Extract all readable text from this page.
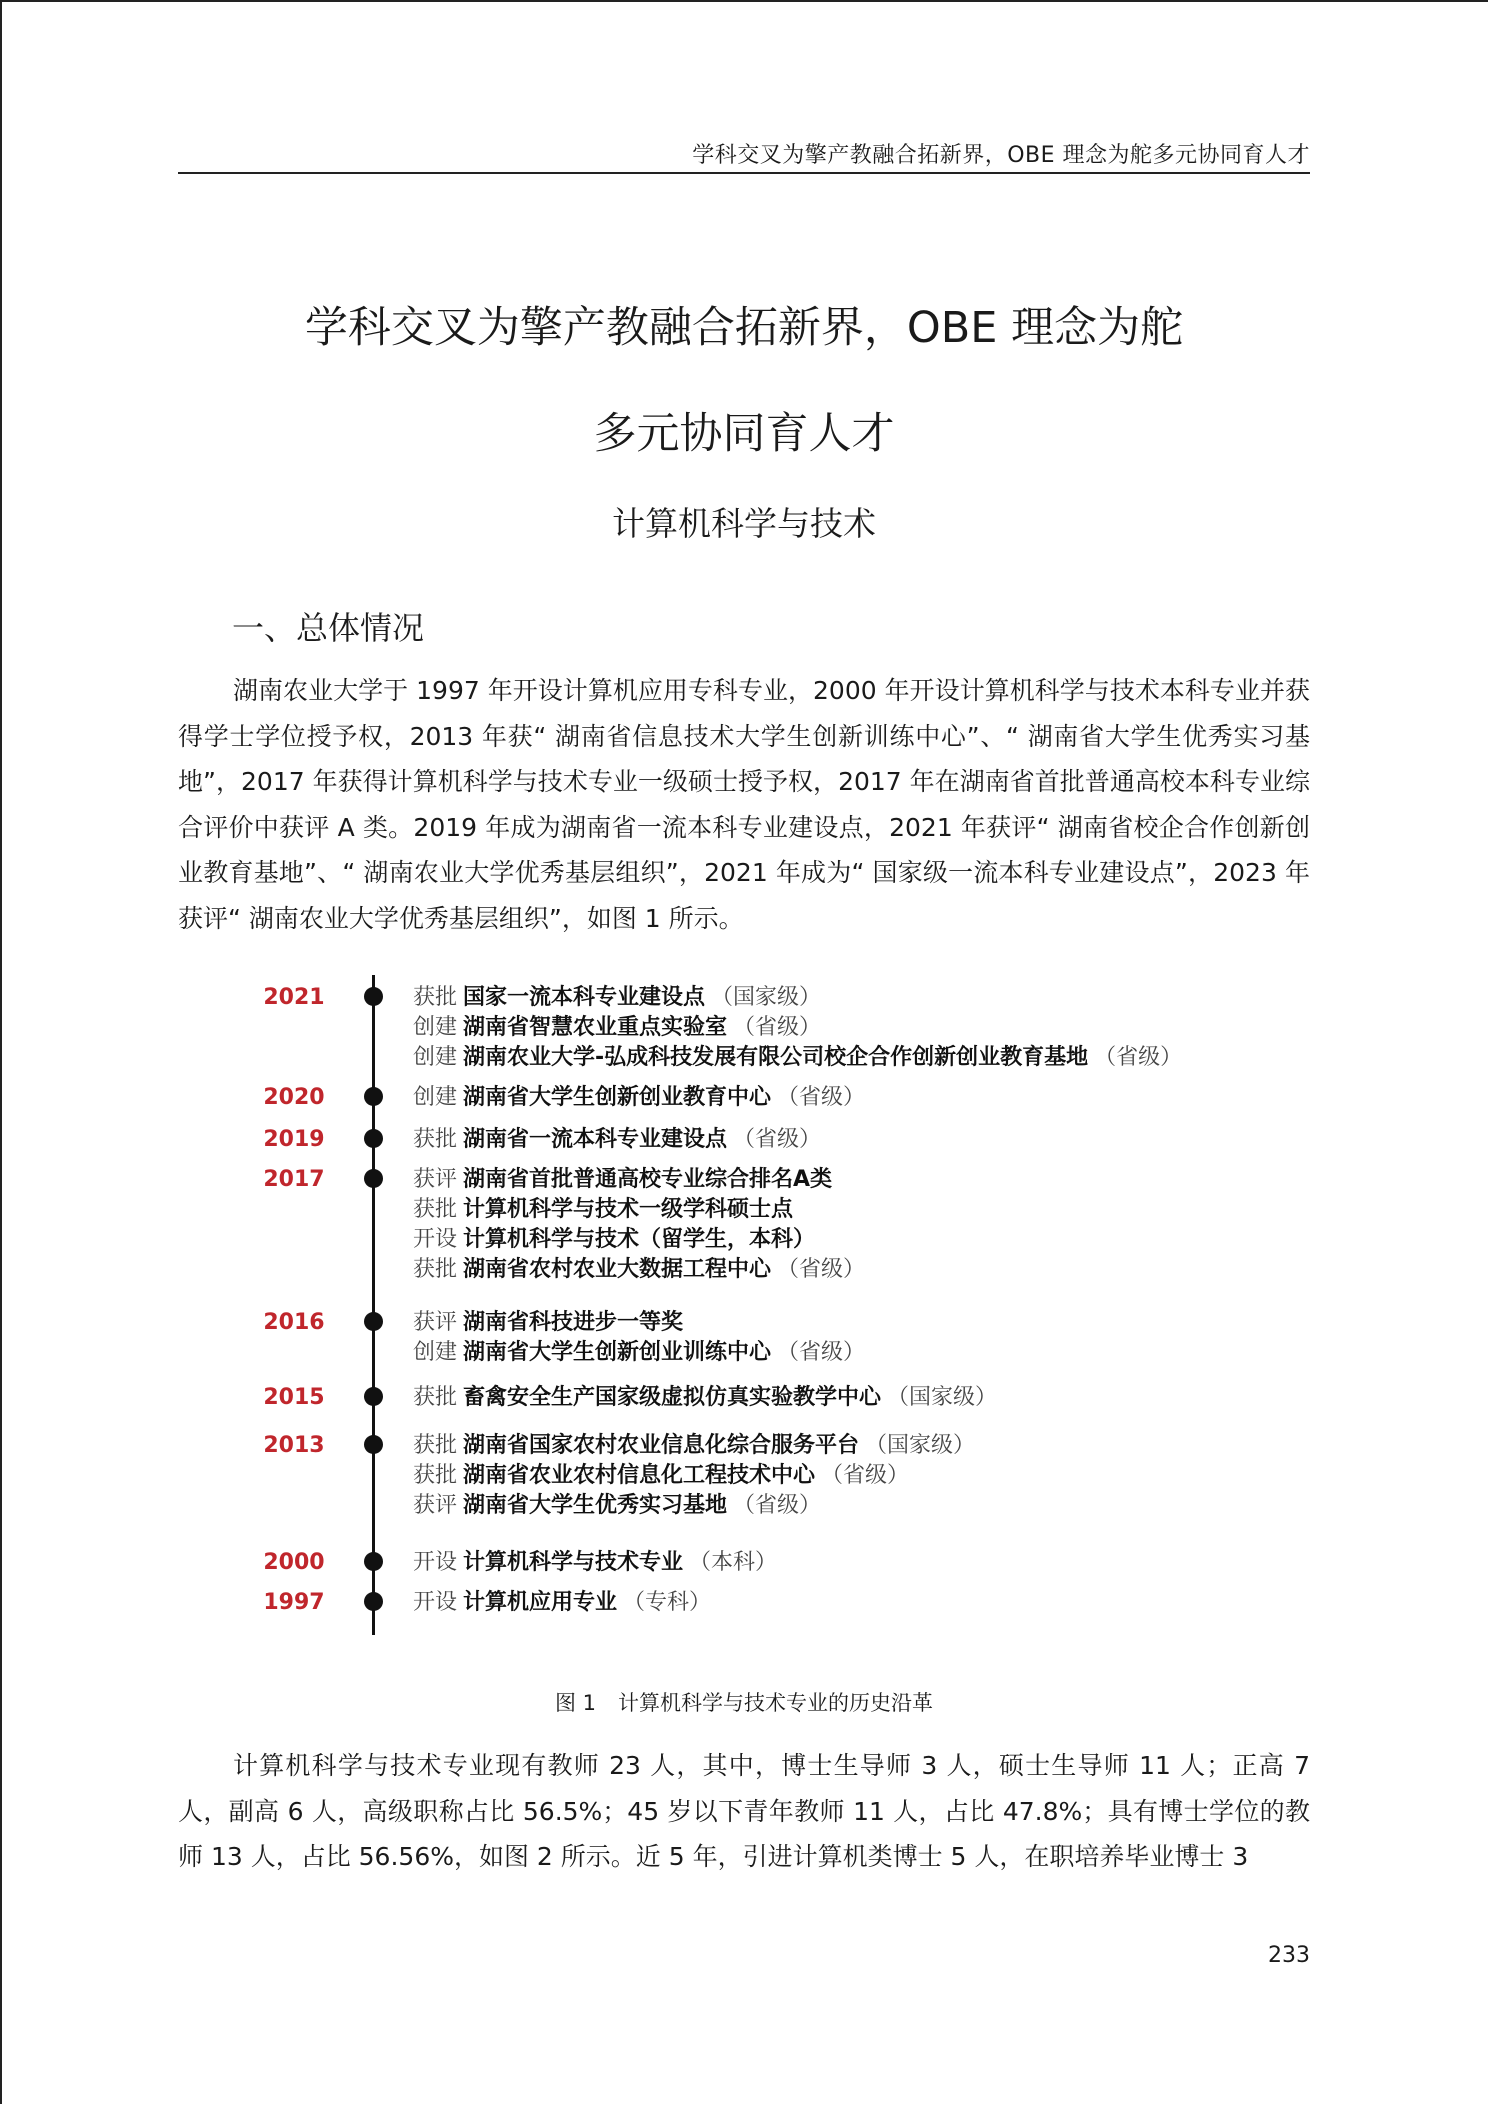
学科交叉为擎产教融合拓新界，OBE 理念为舵多元协同育人才
学科交叉为擎产教融合拓新界，OBE 理念为舵
多元协同育人才
计算机科学与技术
一、总体情况
湖南农业大学于 1997 年开设计算机应用专科专业，2000 年开设计算机科学与技术本科专业并获得学士学位授予权，2013 年获“ 湖南省信息技术大学生创新训练中心”、“ 湖南省大学生优秀实习基地”，2017 年获得计算机科学与技术专业一级硕士授予权，2017 年在湖南省首批普通高校本科专业综合评价中获评 A 类。2019 年成为湖南省一流本科专业建设点，2021 年获评“ 湖南省校企合作创新创业教育基地”、“ 湖南农业大学优秀基层组织”，2021 年成为“ 国家级一流本科专业建设点”，2023 年获评“ 湖南农业大学优秀基层组织”，如图 1 所示。
2021	获批 国家一流本科专业建设点 （国家级）
创建 湖南省智慧农业重点实验室 （省级）
创建 湖南农业大学-弘成科技发展有限公司校企合作创新创业教育基地 （省级）
2020	创建 湖南省大学生创新创业教育中心 （省级）
2019	获批 湖南省一流本科专业建设点 （省级）
2017	获评 湖南省首批普通高校专业综合排名A类
获批 计算机科学与技术一级学科硕士点
开设 计算机科学与技术（留学生，本科）
获批 湖南省农村农业大数据工程中心 （省级）
2016	获评 湖南省科技进步一等奖
创建 湖南省大学生创新创业训练中心 （省级）
2015	获批 畜禽安全生产国家级虚拟仿真实验教学中心 （国家级）
2013	获批 湖南省国家农村农业信息化综合服务平台 （国家级）
获批 湖南省农业农村信息化工程技术中心 （省级）
获评 湖南省大学生优秀实习基地 （省级）
2000	开设 计算机科学与技术专业 （本科）
1997	开设 计算机应用专业 （专科）
图 1 计算机科学与技术专业的历史沿革
计算机科学与技术专业现有教师 23 人，其中，博士生导师 3 人，硕士生导师 11 人；正高 7 人，副高 6 人，高级职称占比 56.5%；45 岁以下青年教师 11 人，占比 47.8%；具有博士学位的教师 13 人，占比 56.56%，如图 2 所示。近 5 年，引进计算机类博士 5 人，在职培养毕业博士 3
233
